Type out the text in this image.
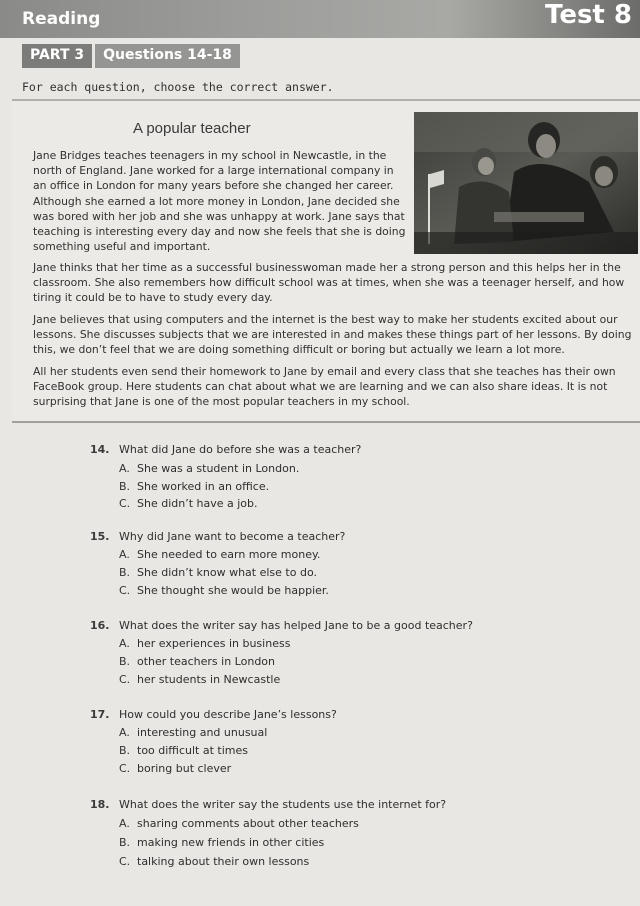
Reading	Test 8
PART 3	Questions 14-18
For each question, choose the correct answer.
A popular teacher
Jane Bridges teaches teenagers in my school in Newcastle, in the
north of England. Jane worked for a large international company in
an office in London for many years before she changed her career.
Although she earned a lot more money in London, Jane decided she
was bored with her job and she was unhappy at work. Jane says that
teaching is interesting every day and now she feels that she is doing
something useful and important.
Jane thinks that her time as a successful businesswoman made her a strong person and this helps her in the
classroom. She also remembers how difficult school was at times, when she was a teenager herself, and how
tiring it could be to have to study every day.
Jane believes that using computers and the internet is the best way to make her students excited about our
lessons. She discusses subjects that we are interested in and makes these things part of her lessons. By doing
this, we don’t feel that we are doing something difficult or boring but actually we learn a lot more.
All her students even send their homework to Jane by email and every class that she teaches has their own
FaceBook group. Here students can chat about what we are learning and we can also share ideas. It is not
surprising that Jane is one of the most popular teachers in my school.
14. What did Jane do before she was a teacher?
A. She was a student in London.
B. She worked in an office.
C. She didn’t have a job.
15. Why did Jane want to become a teacher?
A. She needed to earn more money.
B. She didn’t know what else to do.
C. She thought she would be happier.
16. What does the writer say has helped Jane to be a good teacher?
A. her experiences in business
B. other teachers in London
C. her students in Newcastle
17. How could you describe Jane’s lessons?
A. interesting and unusual
B. too difficult at times
C. boring but clever
18. What does the writer say the students use the internet for?
A. sharing comments about other teachers
B. making new friends in other cities
C. talking about their own lessons
